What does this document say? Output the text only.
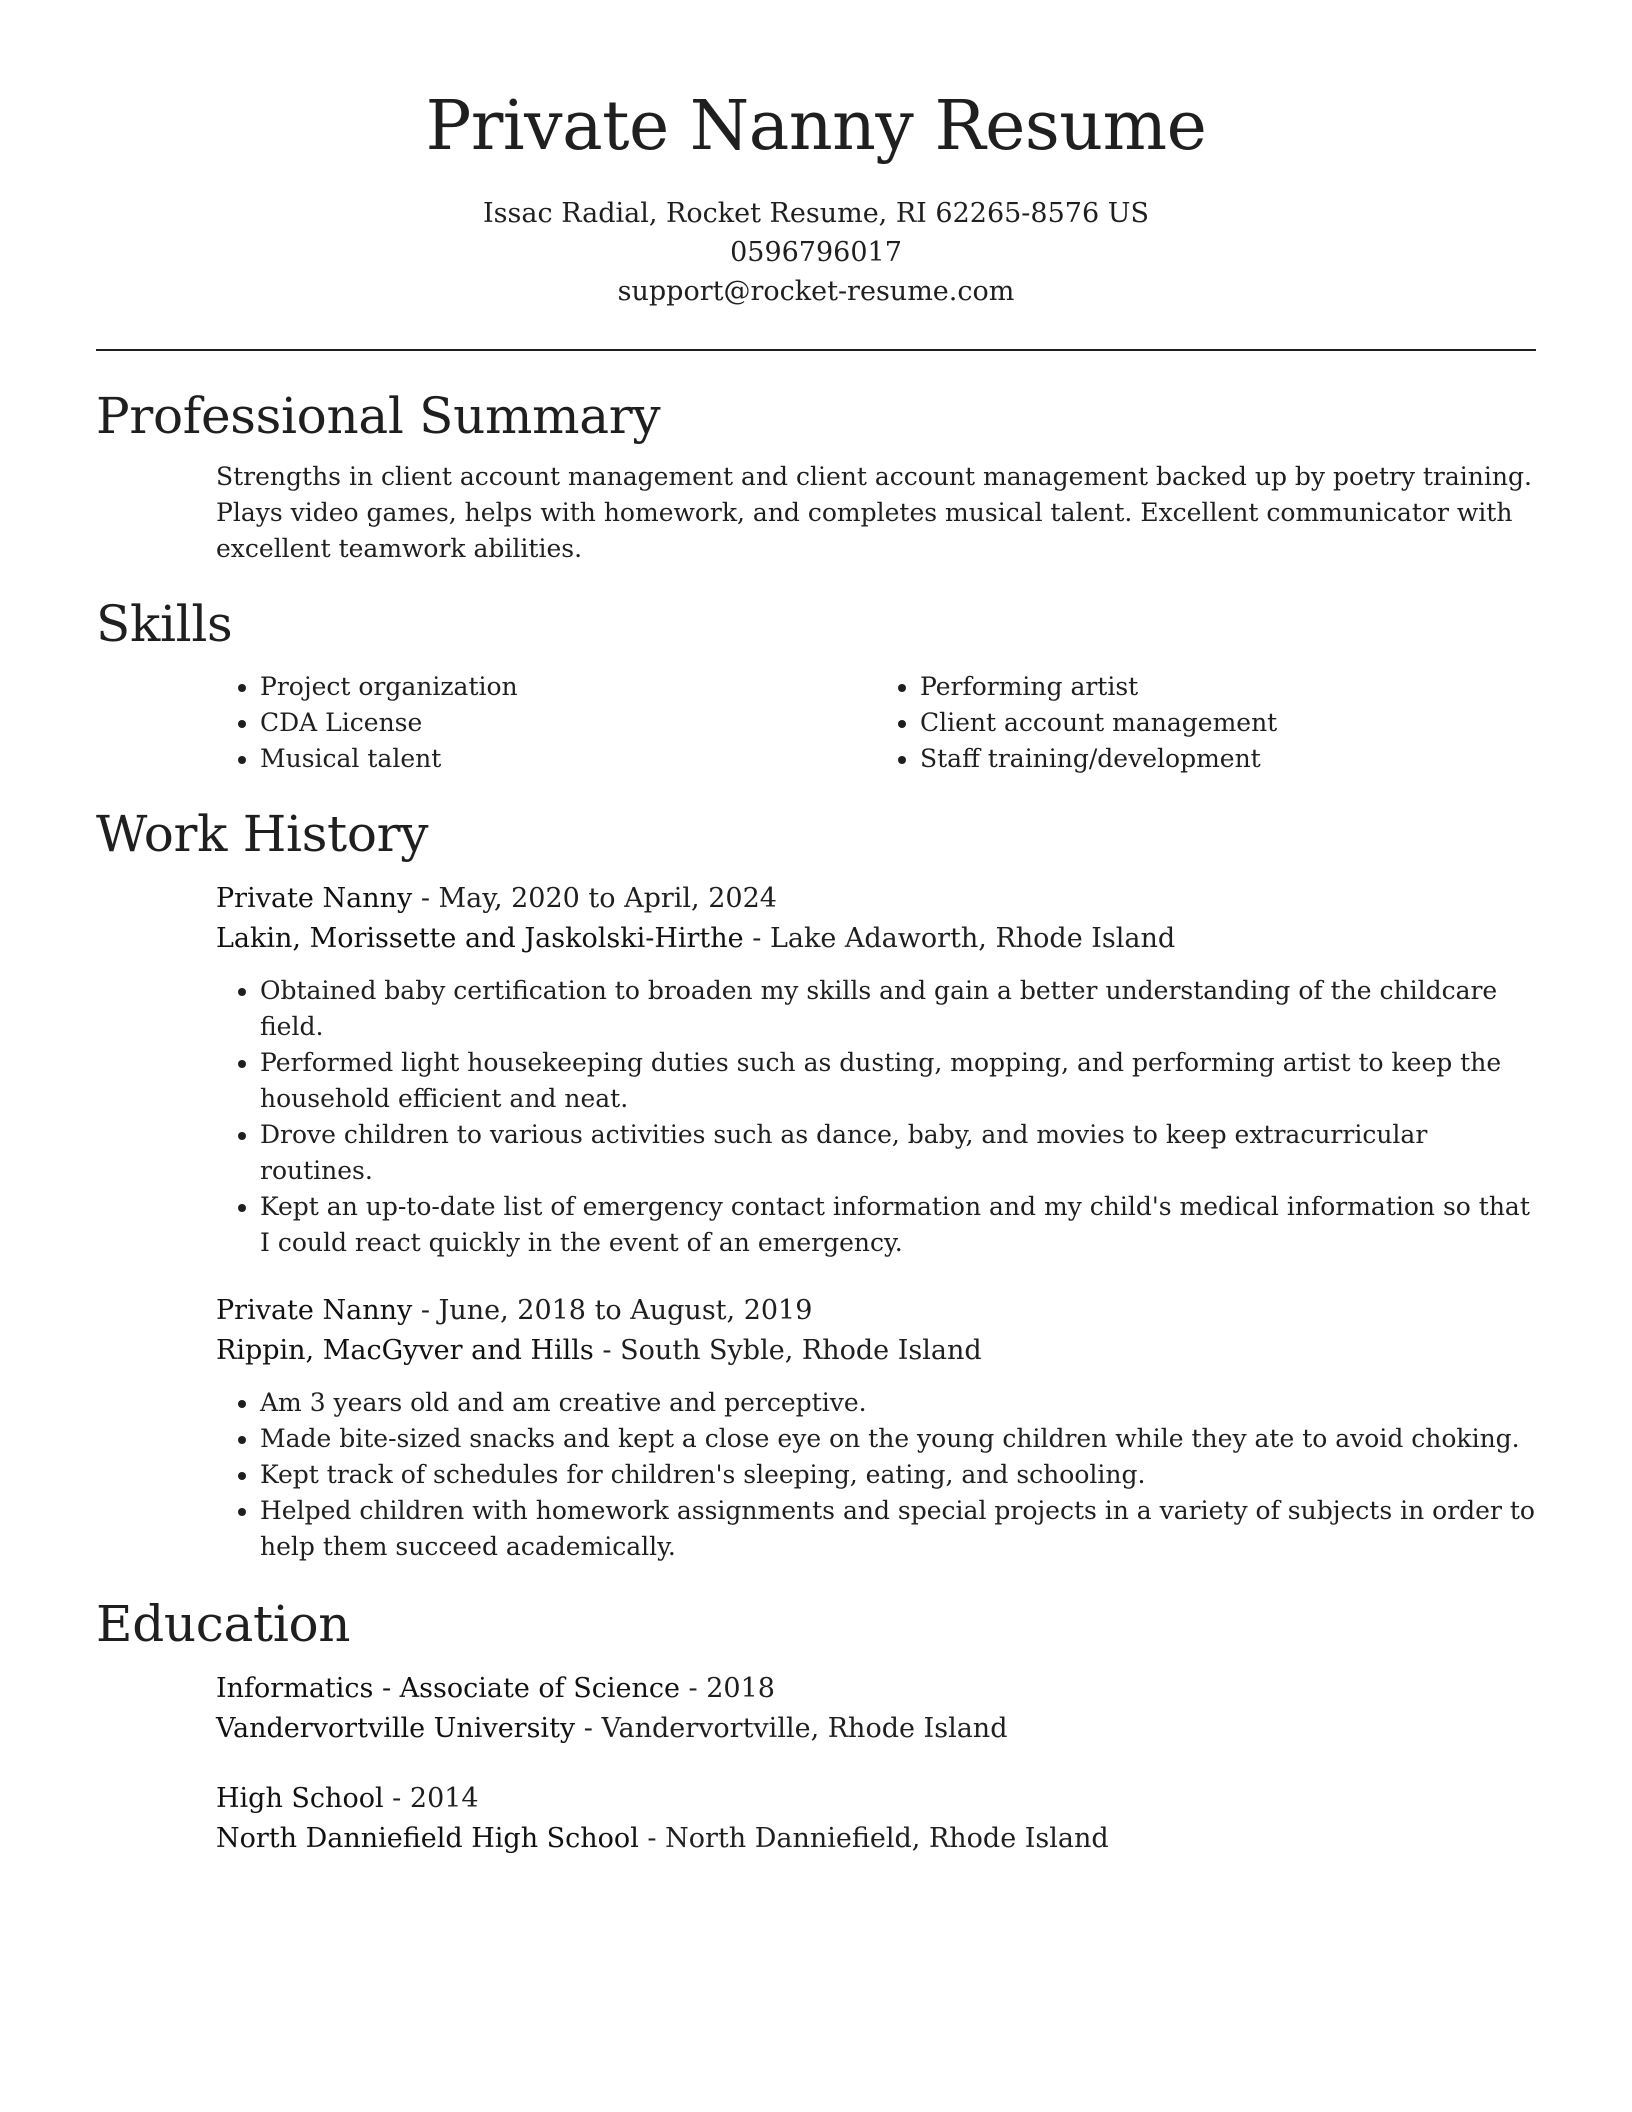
Private Nanny Resume
Issac Radial, Rocket Resume, RI 62265-8576 US
0596796017
support@rocket-resume.com
Professional Summary

Strengths in client account management and client account management backed up by poetry training. Plays video games, helps with homework, and completes musical talent. Excellent communicator with excellent teamwork abilities.

Skills
• Project organization
• CDA License
• Musical talent
• Performing artist
• Client account management
• Staff training/development
Work History
Private Nanny - May, 2020 to April, 2024
Lakin, Morissette and Jaskolski-Hirthe - Lake Adaworth, Rhode Island
• Obtained baby certification to broaden my skills and gain a better understanding of the childcare field.
• Performed light housekeeping duties such as dusting, mopping, and performing artist to keep the household efficient and neat.
• Drove children to various activities such as dance, baby, and movies to keep extracurricular routines.
• Kept an up-to-date list of emergency contact information and my child's medical information so that I could react quickly in the event of an emergency.
Private Nanny - June, 2018 to August, 2019
Rippin, MacGyver and Hills - South Syble, Rhode Island
• Am 3 years old and am creative and perceptive.
• Made bite-sized snacks and kept a close eye on the young children while they ate to avoid choking.
• Kept track of schedules for children's sleeping, eating, and schooling.
• Helped children with homework assignments and special projects in a variety of subjects in order to help them succeed academically.
Education
Informatics - Associate of Science - 2018
Vandervortville University - Vandervortville, Rhode Island
High School - 2014
North Danniefield High School - North Danniefield, Rhode Island
